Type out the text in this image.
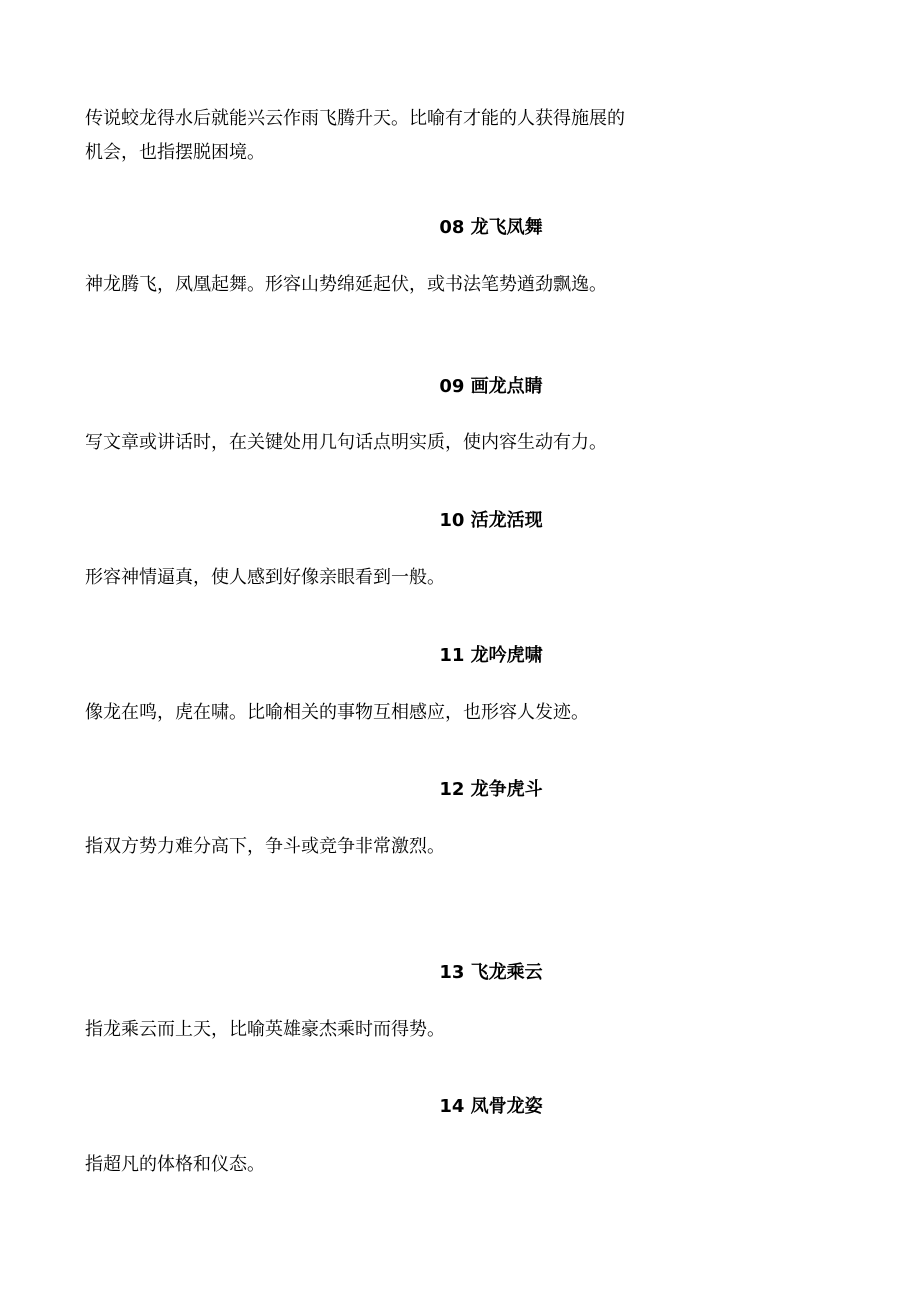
传说蛟龙得水后就能兴云作雨飞腾升天。比喻有才能的人获得施展的

机会，也指摆脱困境。

08 龙飞凤舞

神龙腾飞，凤凰起舞。形容山势绵延起伏，或书法笔势遒劲飘逸。

09 画龙点睛

写文章或讲话时，在关键处用几句话点明实质，使内容生动有力。

10 活龙活现

形容神情逼真，使人感到好像亲眼看到一般。

11 龙吟虎啸

像龙在鸣，虎在啸。比喻相关的事物互相感应，也形容人发迹。

12 龙争虎斗

指双方势力难分高下，争斗或竞争非常激烈。

13 飞龙乘云

指龙乘云而上天，比喻英雄豪杰乘时而得势。

14 凤骨龙姿

指超凡的体格和仪态。
